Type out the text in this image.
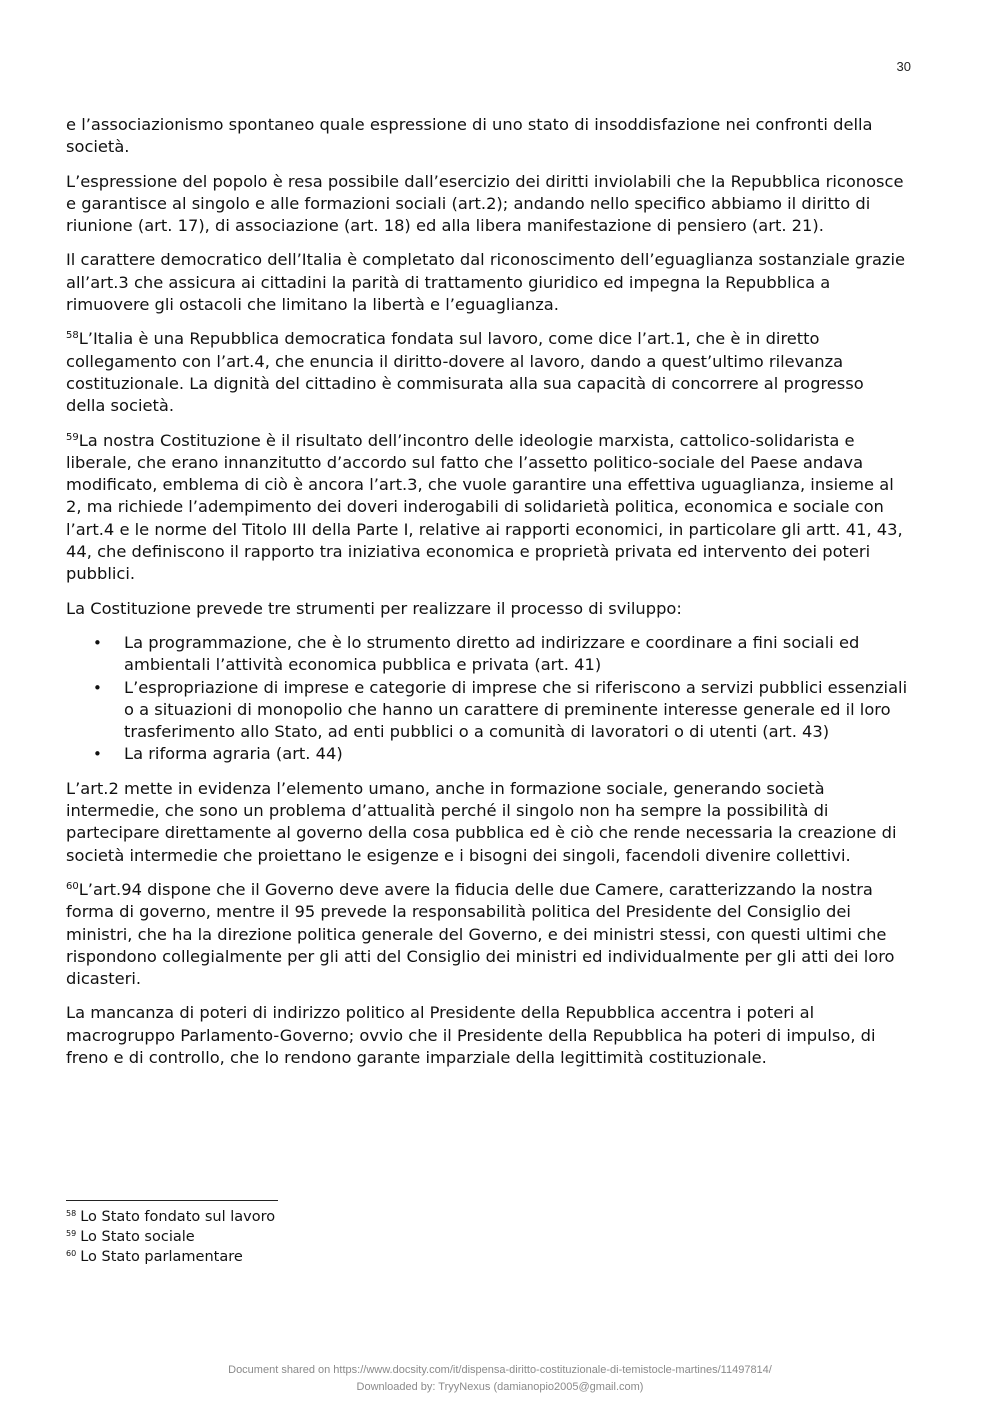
30

e l’associazionismo spontaneo quale espressione di uno stato di insoddisfazione nei confronti della società.

L’espressione del popolo è resa possibile dall’esercizio dei diritti inviolabili che la Repubblica riconosce e garantisce al singolo e alle formazioni sociali (art.2); andando nello specifico abbiamo il diritto di riunione (art. 17), di associazione (art. 18) ed alla libera manifestazione di pensiero (art. 21).

Il carattere democratico dell’Italia è completato dal riconoscimento dell’eguaglianza sostanziale grazie all’art.3 che assicura ai cittadini la parità di trattamento giuridico ed impegna la Repubblica a rimuovere gli ostacoli che limitano la libertà e l’eguaglianza.

$^{58}$L’Italia è una Repubblica democratica fondata sul lavoro, come dice l’art.1, che è in diretto collegamento con l’art.4, che enuncia il diritto-dovere al lavoro, dando a quest’ultimo rilevanza costituzionale. La dignità del cittadino è commisurata alla sua capacità di concorrere al progresso della società.

$^{59}$La nostra Costituzione è il risultato dell’incontro delle ideologie marxista, cattolico-solidarista e liberale, che erano innanzitutto d’accordo sul fatto che l’assetto politico-sociale del Paese andava modificato, emblema di ciò è ancora l’art.3, che vuole garantire una effettiva uguaglianza, insieme al 2, ma richiede l’adempimento dei doveri inderogabili di solidarietà politica, economica e sociale con l’art.4 e le norme del Titolo III della Parte I, relative ai rapporti economici, in particolare gli artt. 41, 43, 44, che definiscono il rapporto tra iniziativa economica e proprietà privata ed intervento dei poteri pubblici.

La Costituzione prevede tre strumenti per realizzare il processo di sviluppo:

• La programmazione, che è lo strumento diretto ad indirizzare e coordinare a fini sociali ed ambientali l’attività economica pubblica e privata (art. 41)
• L’espropriazione di imprese e categorie di imprese che si riferiscono a servizi pubblici essenziali o a situazioni di monopolio che hanno un carattere di preminente interesse generale ed il loro trasferimento allo Stato, ad enti pubblici o a comunità di lavoratori o di utenti (art. 43)
• La riforma agraria (art. 44)

L’art.2 mette in evidenza l’elemento umano, anche in formazione sociale, generando società intermedie, che sono un problema d’attualità perché il singolo non ha sempre la possibilità di partecipare direttamente al governo della cosa pubblica ed è ciò che rende necessaria la creazione di società intermedie che proiettano le esigenze e i bisogni dei singoli, facendoli divenire collettivi.

$^{60}$L’art.94 dispone che il Governo deve avere la fiducia delle due Camere, caratterizzando la nostra forma di governo, mentre il 95 prevede la responsabilità politica del Presidente del Consiglio dei ministri, che ha la direzione politica generale del Governo, e dei ministri stessi, con questi ultimi che rispondono collegialmente per gli atti del Consiglio dei ministri ed individualmente per gli atti dei loro dicasteri.

La mancanza di poteri di indirizzo politico al Presidente della Repubblica accentra i poteri al macrogruppo Parlamento-Governo; ovvio che il Presidente della Repubblica ha poteri di impulso, di freno e di controllo, che lo rendono garante imparziale della legittimità costituzionale.

$^{58}$ Lo Stato fondato sul lavoro
$^{59}$ Lo Stato sociale
$^{60}$ Lo Stato parlamentare
Document shared on https://www.docsity.com/it/dispensa-diritto-costituzionale-di-temistocle-martines/11497814/
Downloaded by: TryyNexus (damianopio2005@gmail.com)
